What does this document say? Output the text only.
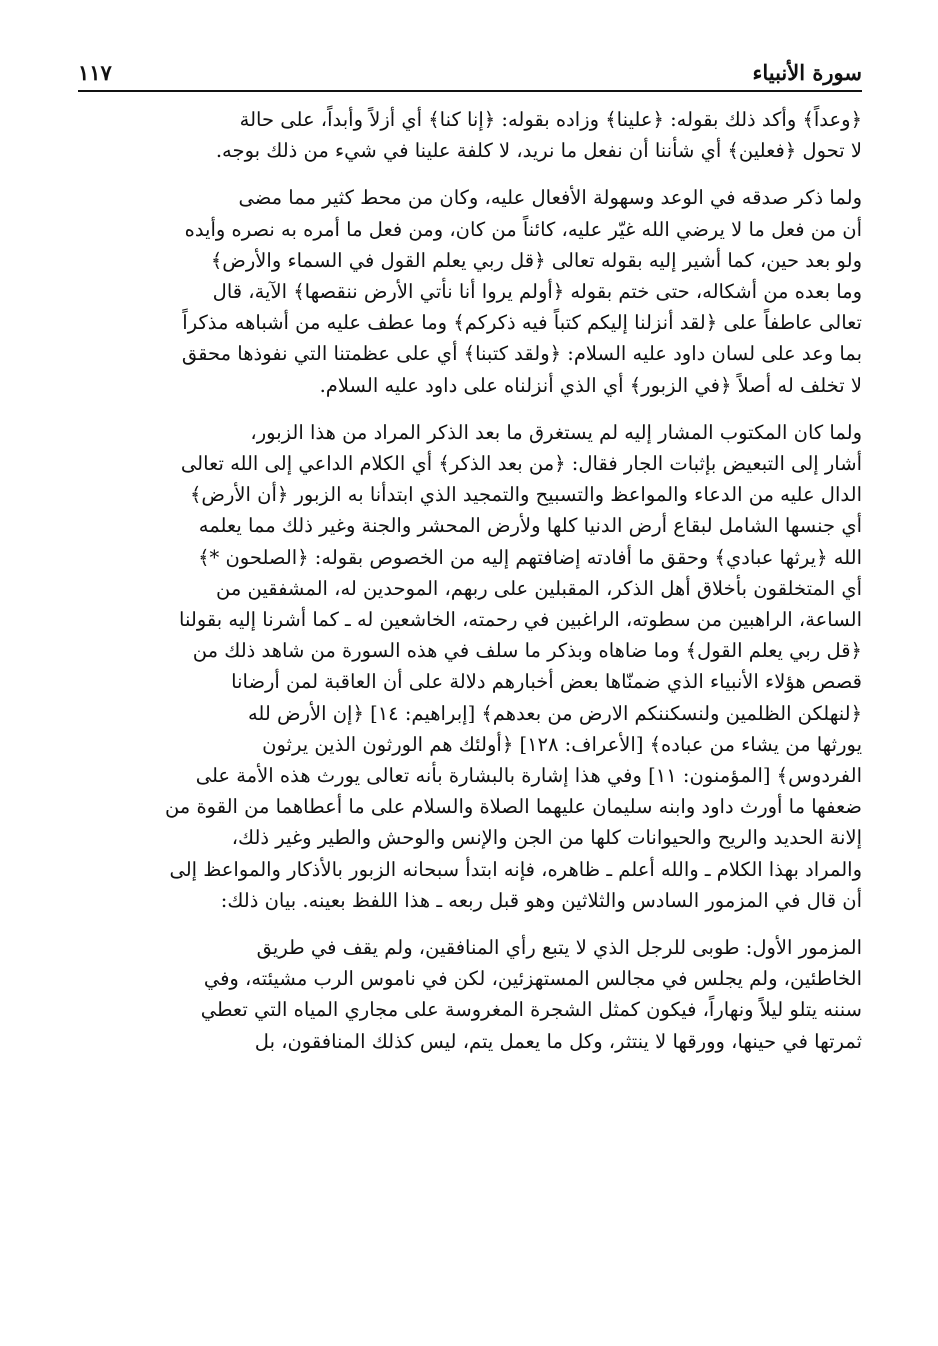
سورة الأنبياء
١١٧
﴿وعداً﴾ وأكد ذلك بقوله: ﴿علينا﴾ وزاده بقوله: ﴿إنا كنا﴾ أي أزلاً وأبداً، على حالة
لا تحول ﴿فعلين﴾ أي شأننا أن نفعل ما نريد، لا كلفة علينا في شيء من ذلك بوجه.
ولما ذكر صدقه في الوعد وسهولة الأفعال عليه، وكان من محط كثير مما مضى
أن من فعل ما لا يرضي الله غيّر عليه، كائناً من كان، ومن فعل ما أمره به نصره وأيده
ولو بعد حين، كما أشير إليه بقوله تعالى ﴿قل ربي يعلم القول في السماء والأرض﴾
وما بعده من أشكاله، حتى ختم بقوله ﴿أولم يروا أنا نأتي الأرض ننقصها﴾ الآية، قال
تعالى عاطفاً على ﴿لقد أنزلنا إليكم كتباً فيه ذكركم﴾ وما عطف عليه من أشباهه مذكراً
بما وعد على لسان داود عليه السلام: ﴿ولقد كتبنا﴾ أي على عظمتنا التي نفوذها محقق
لا تخلف له أصلاً ﴿في الزبور﴾ أي الذي أنزلناه على داود عليه السلام.
ولما كان المكتوب المشار إليه لم يستغرق ما بعد الذكر المراد من هذا الزبور،
أشار إلى التبعيض بإثبات الجار فقال: ﴿من بعد الذكر﴾ أي الكلام الداعي إلى الله تعالى
الدال عليه من الدعاء والمواعظ والتسبيح والتمجيد الذي ابتدأنا به الزبور ﴿أن الأرض﴾
أي جنسها الشامل لبقاع أرض الدنيا كلها ولأرض المحشر والجنة وغير ذلك مما يعلمه
الله ﴿يرثها عبادي﴾ وحقق ما أفادته إضافتهم إليه من الخصوص بقوله: ﴿الصلحون *﴾
أي المتخلقون بأخلاق أهل الذكر، المقبلين على ربهم، الموحدين له، المشفقين من
الساعة، الراهبين من سطوته، الراغبين في رحمته، الخاشعين له ـ كما أشرنا إليه بقولنا
﴿قل ربي يعلم القول﴾ وما ضاهاه وبذكر ما سلف في هذه السورة من شاهد ذلك من
قصص هؤلاء الأنبياء الذي ضمنّاها بعض أخبارهم دلالة على أن العاقبة لمن أرضانا
﴿لنهلكن الظلمين ولنسكننكم الارض من بعدهم﴾ [إبراهيم: ١٤] ﴿إن الأرض لله
يورثها من يشاء من عباده﴾ [الأعراف: ١٢٨] ﴿أولئك هم الورثون الذين يرثون
الفردوس﴾ [المؤمنون: ١١] وفي هذا إشارة بالبشارة بأنه تعالى يورث هذه الأمة على
ضعفها ما أورث داود وابنه سليمان عليهما الصلاة والسلام على ما أعطاهما من القوة من
إلانة الحديد والريح والحيوانات كلها من الجن والإنس والوحش والطير وغير ذلك،
والمراد بهذا الكلام ـ والله أعلم ـ ظاهره، فإنه ابتدأ سبحانه الزبور بالأذكار والمواعظ إلى
أن قال في المزمور السادس والثلاثين وهو قبل ربعه ـ هذا اللفظ بعينه. بيان ذلك:
المزمور الأول: طوبى للرجل الذي لا يتبع رأي المنافقين، ولم يقف في طريق
الخاطئين، ولم يجلس في مجالس المستهزئين، لكن في ناموس الرب مشيئته، وفي
سننه يتلو ليلاً ونهاراً، فيكون كمثل الشجرة المغروسة على مجاري المياه التي تعطي
ثمرتها في حينها، وورقها لا ينتثر، وكل ما يعمل يتم، ليس كذلك المنافقون، بل
